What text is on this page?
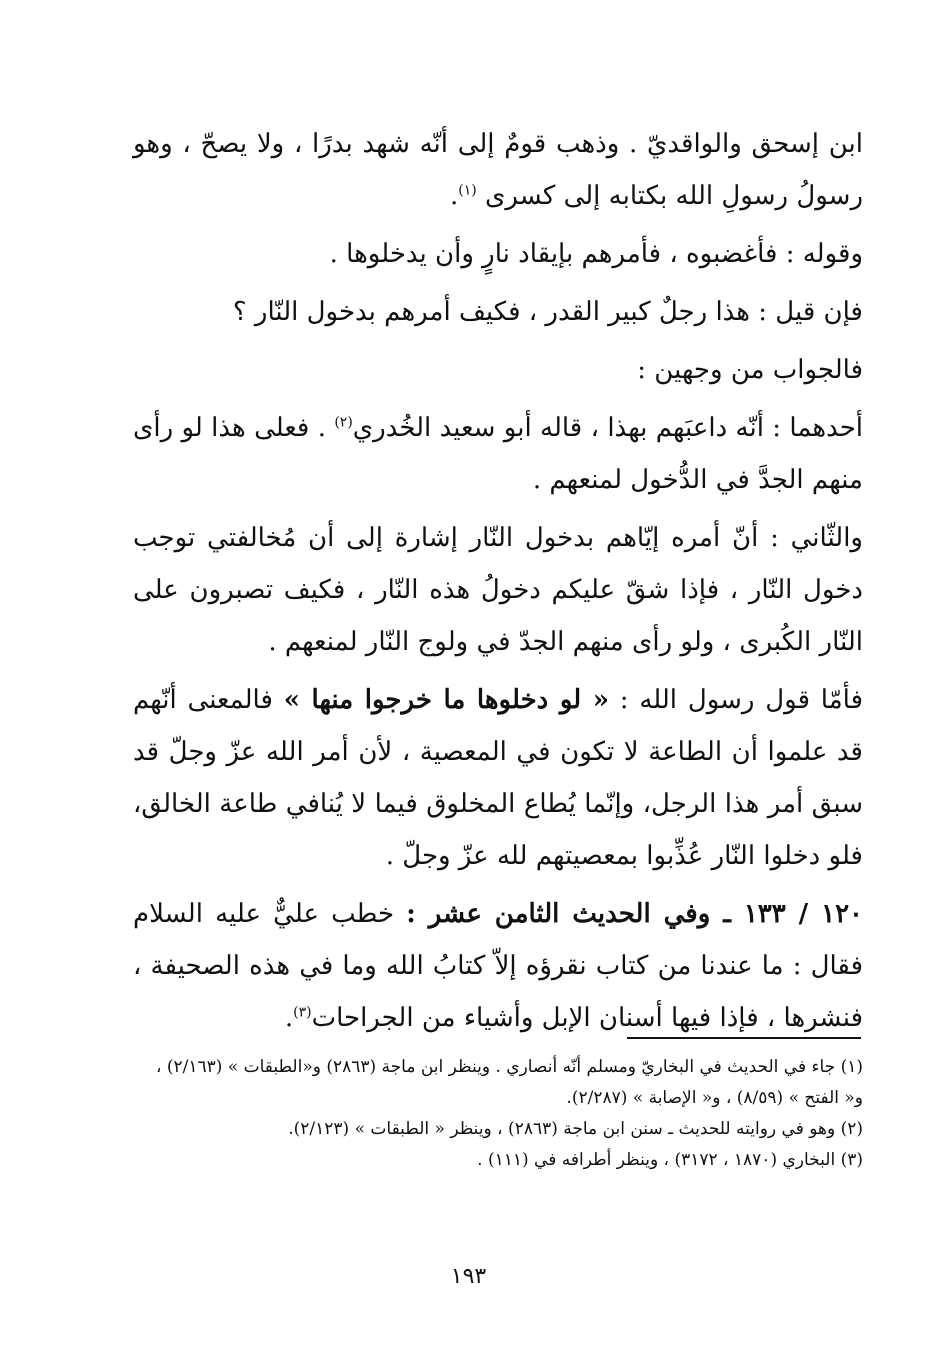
ابن إسحق والواقديّ . وذهب قومٌ إلى أنّه شهد بدرًا ، ولا يصحّ ، وهو رسولُ رسولِ الله بكتابه إلى كسرى $^{(١)}$.

وقوله : فأغضبوه ، فأمرهم بإيقاد نارٍ وأن يدخلوها .

فإن قيل : هذا رجلٌ كبير القدر ، فكيف أمرهم بدخول النّار ؟

فالجواب من وجهين :

أحدهما : أنّه داعبَهم بهذا ، قاله أبو سعيد الخُدري$^{(٢)}$ . فعلى هذا لو رأى منهم الجدَّ في الدُّخول لمنعهم .

والثّاني : أنّ أمره إيّاهم بدخول النّار إشارة إلى أن مُخالفتي توجب دخول النّار ، فإذا شقّ عليكم دخولُ هذه النّار ، فكيف تصبرون على النّار الكُبرى ، ولو رأى منهم الجدّ في ولوج النّار لمنعهم .

فأمّا قول رسول الله : « لو دخلوها ما خرجوا منها » فالمعنى أنّهم قد علموا أن الطاعة لا تكون في المعصية ، لأن أمر الله عزّ وجلّ قد سبق أمر هذا الرجل، وإنّما يُطاع المخلوق فيما لا يُنافي طاعة الخالق، فلو دخلوا النّار عُذِّبوا بمعصيتهم لله عزّ وجلّ .

١٢٠ / ١٣٣ ـ وفي الحديث الثامن عشر : خطب عليٌّ عليه السلام فقال : ما عندنا من كتاب نقرؤه إلاّ كتابُ الله وما في هذه الصحيفة ، فنشرها ، فإذا فيها أسنان الإبل وأشياء من الجراحات$^{(٣)}$.

(١) جاء في الحديث في البخاريّ ومسلم أنّه أنصاري . وينظر ابن ماجة (٢٨٦٣) و«الطبقات » (٢/١٦٣) ، و« الفتح » (٨/٥٩) ، و« الإصابة » (٢/٢٨٧).

(٢) وهو في روايته للحديث ـ سنن ابن ماجة (٢٨٦٣) ، وينظر « الطبقات » (٢/١٢٣).

(٣) البخاري (١٨٧٠ ، ٣١٧٢) ، وينظر أطرافه في (١١١) .

١٩٣
